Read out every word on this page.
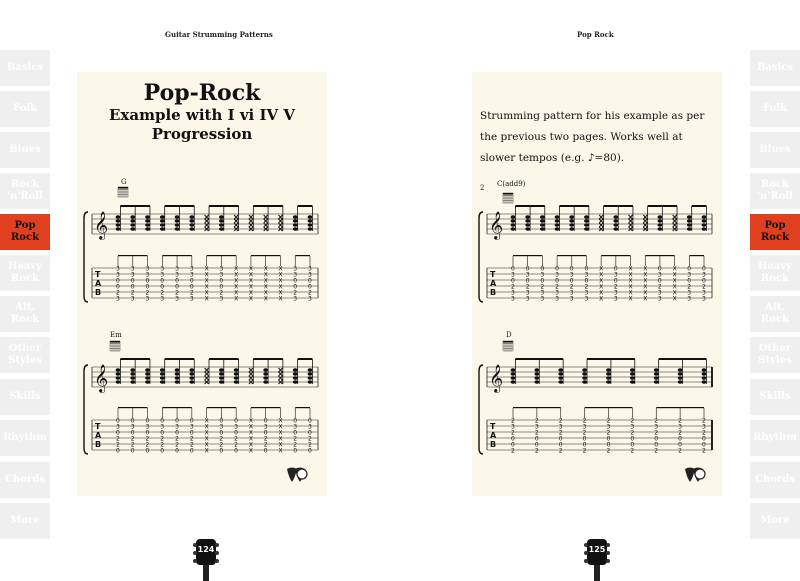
Guitar Strumming Patterns	Pop Rock
Basics
Folk
Blues
Rock
'n'Roll
Pop
Rock
Heavy
Rock
Alt.
Rock
Other
Styles
Skills
Rhythm
Chords
More
Basics
Folk
Blues
Rock
'n'Roll
Pop
Rock
Heavy
Rock
Alt.
Rock
Other
Styles
Skills
Rhythm
Chords
More
Pop-Rock
Example with I vi IV V
Progression
Strumming pattern for his example as per the previous two pages. Works well at slower tempos (e.g. ♪=80).
G
Em
2 C(add9)
D
𝄞
T
A
B
3
3
0
0
2
3
3
3
0
0
2
3
3
3
0
0
2
3
3
3
0
0
2
3
3
3
0
0
2
3
3
3
0
0
2
3
X
X
X
X
X
X
3
3
0
0
2
3
X
X
X
X
X
X
X
X
X
X
X
X
X
X
X
X
X
X
X
X
X
X
X
X
3
3
0
0
2
3
3
3
0
0
2
3
𝄞
T
A
B
0
3
0
2
2
0
0
3
0
2
2
0
0
3
0
2
2
0
0
3
0
2
2
0
0
3
0
2
2
0
0
3
0
2
2
0
X
X
X
X
X
X
0
3
0
2
2
0
0
3
0
2
2
0
X
X
X
X
X
X
0
3
0
2
2
0
X
X
X
X
X
X
0
3
0
2
2
0
0
3
0
2
2
0
𝄞
T
A
B
0
3
0
2
3
3
0
3
0
2
3
3
0
3
0
2
3
3
0
3
0
2
3
3
0
3
0
2
3
3
0
3
0
2
3
3
X
X
X
X
X
X
0
3
0
2
3
3
X
X
X
X
X
X
X
X
X
X
X
X
0
3
0
2
3
3
X
X
X
X
X
X
0
3
0
2
3
3
0
3
0
2
3
3
𝄞
T
A
B
2
3
2
0
0
2
2
3
2
0
0
2
2
3
2
0
0
2
2
3
2
0
0
2
2
3
2
0
0
2
2
3
2
0
0
2
2
3
2
0
0
2
2
3
2
0
0
2
2
3
2
0
0
2
124	125
